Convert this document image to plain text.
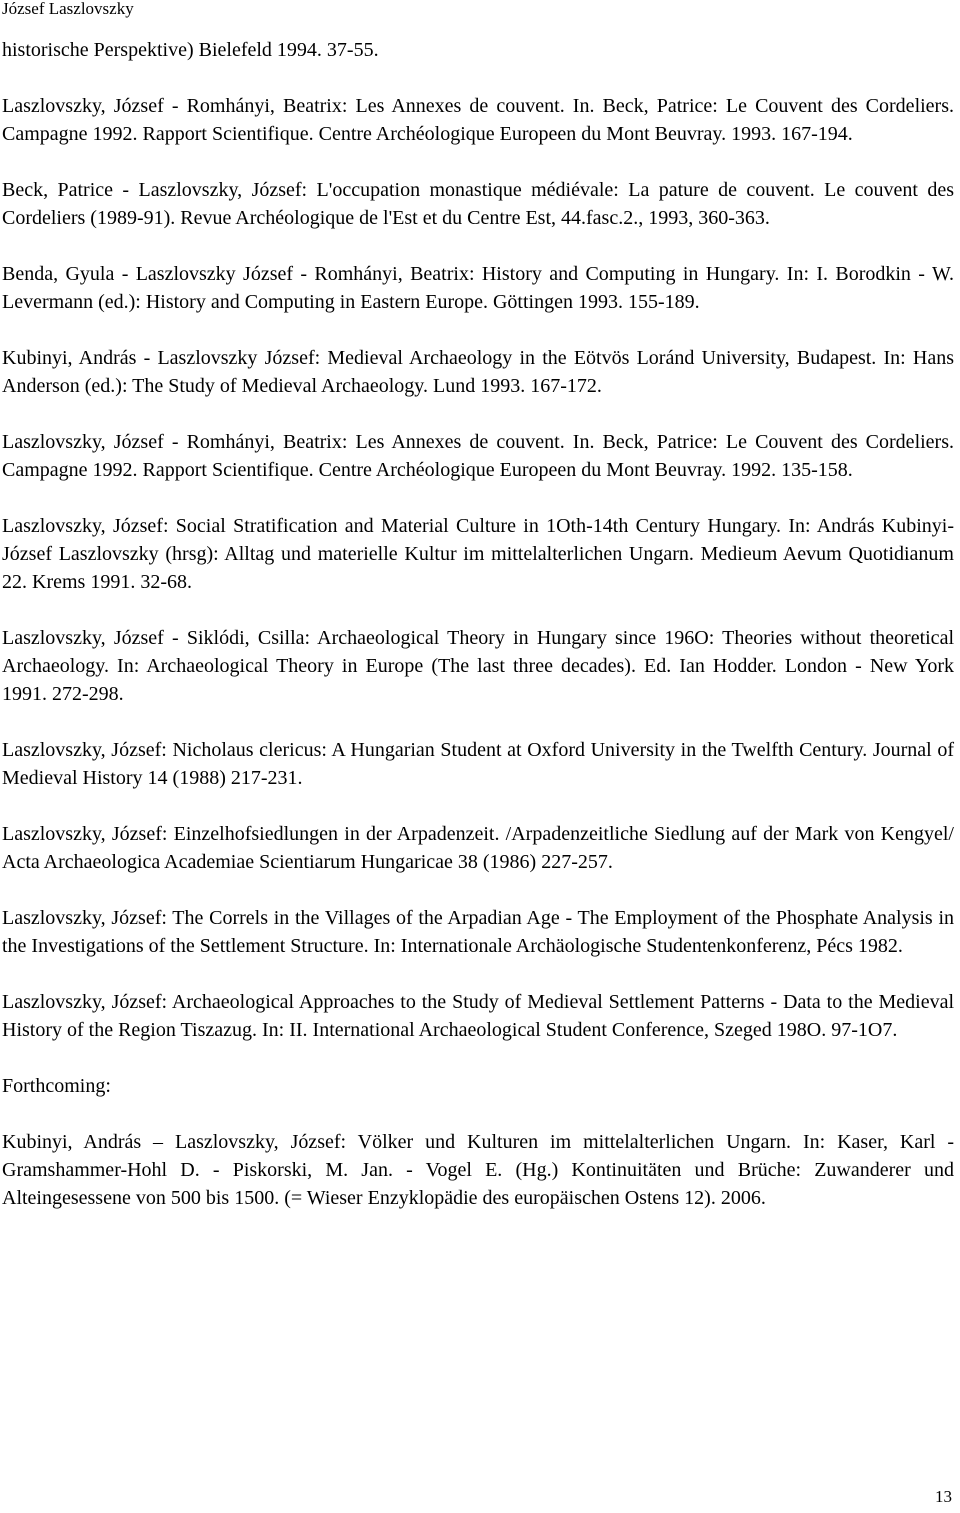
József Laszlovszky

historische Perspektive) Bielefeld 1994. 37-55.

Laszlovszky, József - Romhányi, Beatrix: Les Annexes de couvent. In. Beck, Patrice: Le Couvent des Cordeliers. Campagne 1992. Rapport Scientifique. Centre Archéologique Europeen du Mont Beuvray. 1993. 167-194.

Beck, Patrice - Laszlovszky, József: L'occupation monastique médiévale: La pature de couvent. Le couvent des Cordeliers (1989-91). Revue Archéologique de l'Est et du Centre Est, 44.fasc.2., 1993, 360-363.

Benda, Gyula - Laszlovszky József - Romhányi, Beatrix: History and Computing in Hungary. In: I. Borodkin - W. Levermann (ed.): History and Computing in Eastern Europe. Göttingen 1993. 155-189.

Kubinyi, András - Laszlovszky József: Medieval Archaeology in the Eötvös Loránd University, Budapest. In: Hans Anderson (ed.): The Study of Medieval Archaeology. Lund 1993. 167-172.

Laszlovszky, József - Romhányi, Beatrix: Les Annexes de couvent. In. Beck, Patrice: Le Couvent des Cordeliers. Campagne 1992. Rapport Scientifique. Centre Archéologique Europeen du Mont Beuvray. 1992. 135-158.

Laszlovszky, József: Social Stratification and Material Culture in 1Oth-14th Century Hungary. In: András Kubinyi- József Laszlovszky (hrsg): Alltag und materielle Kultur im mittelalterlichen Ungarn. Medieum Aevum Quotidianum 22. Krems 1991. 32-68.

Laszlovszky, József - Siklódi, Csilla: Archaeological Theory in Hungary since 196O: Theories without theoretical Archaeology. In: Archaeological Theory in Europe (The last three decades). Ed. Ian Hodder. London - New York 1991. 272-298.

Laszlovszky, József: Nicholaus clericus: A Hungarian Student at Oxford University in the Twelfth Century. Journal of Medieval History 14 (1988) 217-231.

Laszlovszky, József: Einzelhofsiedlungen in der Arpadenzeit. /Arpadenzeitliche Siedlung auf der Mark von Kengyel/ Acta Archaeologica Academiae Scientiarum Hungaricae 38 (1986) 227-257.

Laszlovszky, József: The Correls in the Villages of the Arpadian Age - The Employment of the Phosphate Analysis in the Investigations of the Settlement Structure. In: Internationale Archäologische Studentenkonferenz, Pécs 1982.

Laszlovszky, József: Archaeological Approaches to the Study of Medieval Settlement Patterns - Data to the Medieval History of the Region Tiszazug. In: II. International Archaeological Student Conference, Szeged 198O. 97-1O7.

Forthcoming:

Kubinyi, András – Laszlovszky, József: Völker und Kulturen im mittelalterlichen Ungarn. In: Kaser, Karl - Gramshammer-Hohl D. - Piskorski, M. Jan. - Vogel E. (Hg.) Kontinuitäten und Brüche: Zuwanderer und Alteingesessene von 500 bis 1500. (= Wieser Enzyklopädie des europäischen Ostens 12). 2006.

13
